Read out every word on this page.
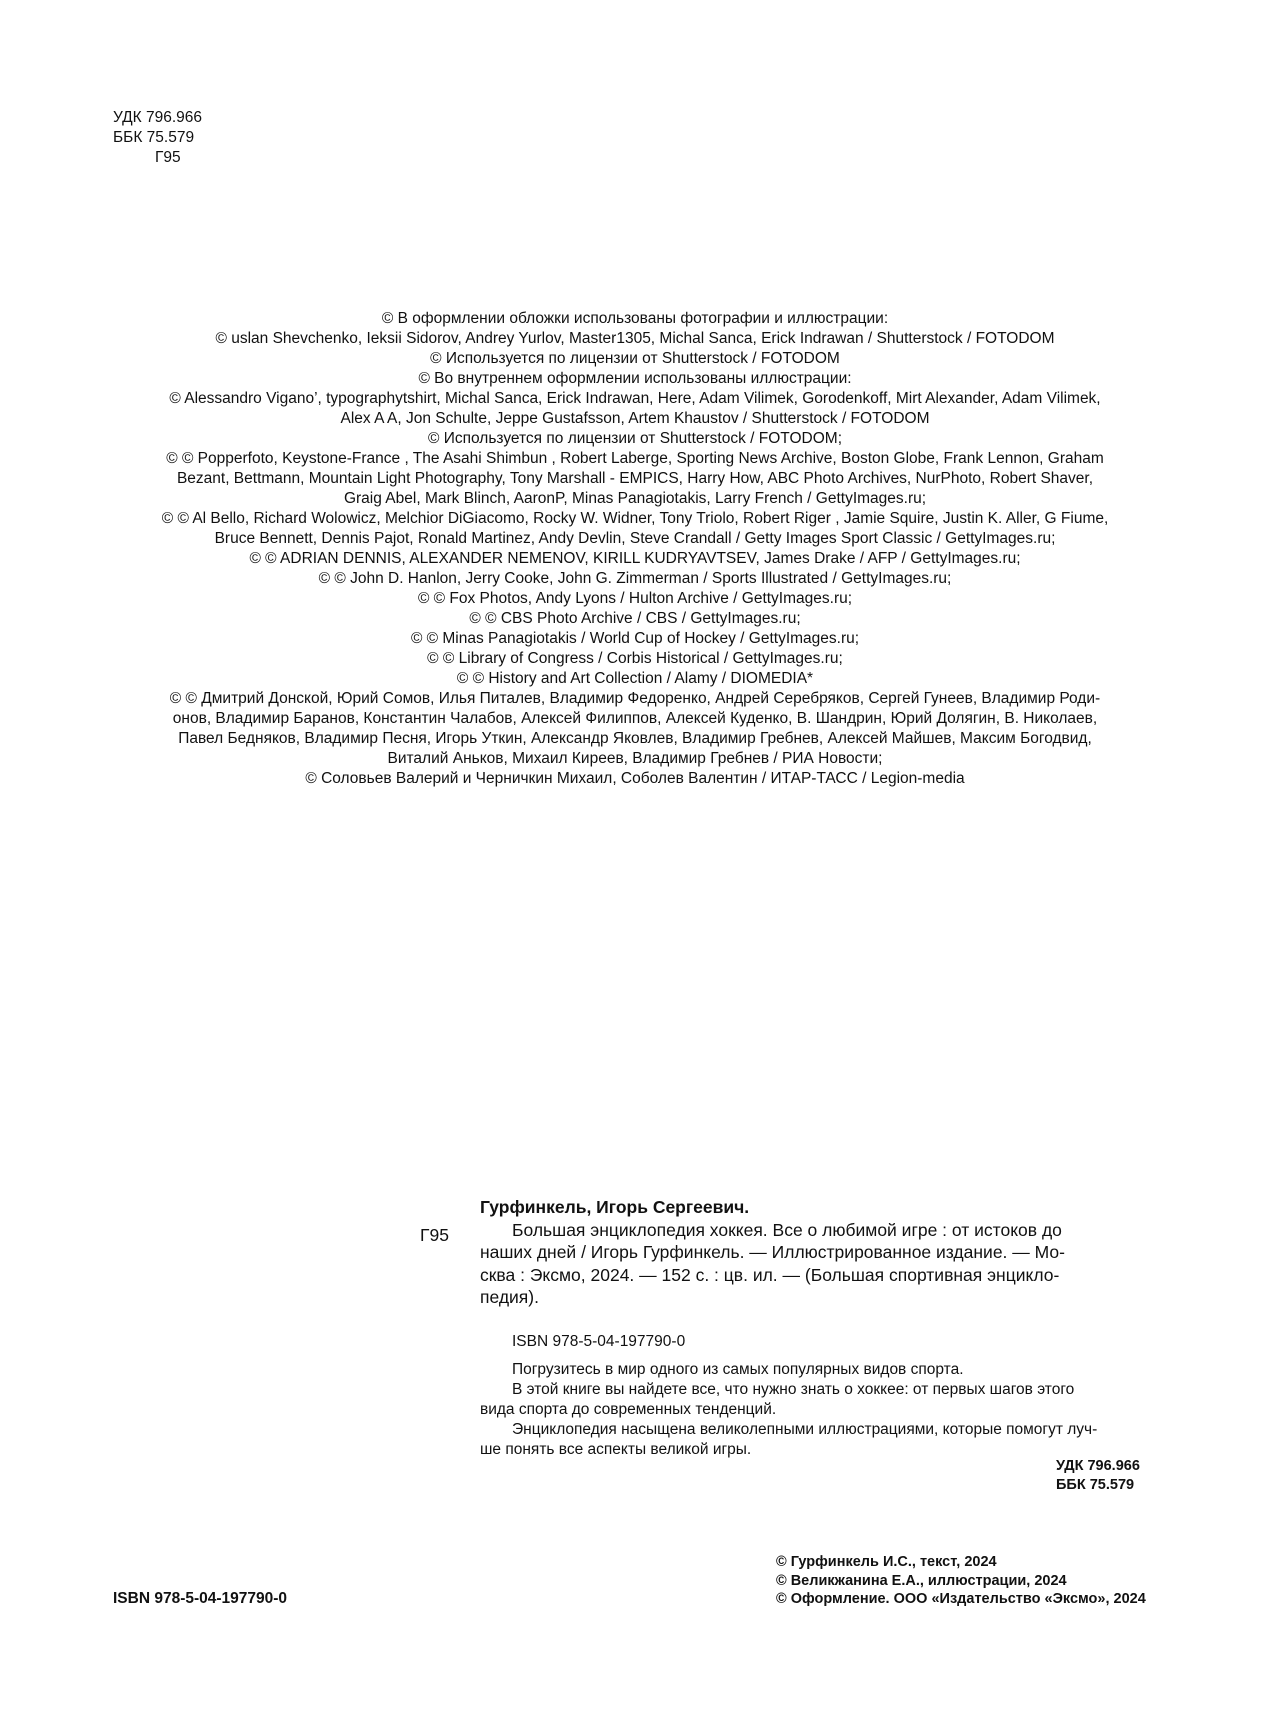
УДК 796.966
ББК 75.579
Г95
© В оформлении обложки использованы фотографии и иллюстрации:
© uslan Shevchenko, Ieksii Sidorov, Andrey Yurlov, Master1305, Michal Sanca, Erick Indrawan / Shutterstock / FOTODOM
© Используется по лицензии от Shutterstock / FOTODOM
© Во внутреннем оформлении использованы иллюстрации:
© Alessandro Vigano’, typographytshirt, Michal Sanca, Erick Indrawan, Here, Adam Vilimek, Gorodenkoff, Mirt Alexander, Adam Vilimek,
Alex A A, Jon Schulte, Jeppe Gustafsson, Artem Khaustov / Shutterstock / FOTODOM
© Используется по лицензии от Shutterstock / FOTODOM;
© © Popperfoto, Keystone-France , The Asahi Shimbun , Robert Laberge, Sporting News Archive, Boston Globe, Frank Lennon, Graham
Bezant, Bettmann, Mountain Light Photography, Tony Marshall - EMPICS, Harry How, ABC Photo Archives, NurPhoto, Robert Shaver,
Graig Abel, Mark Blinch, AaronP, Minas Panagiotakis, Larry French / GettyImages.ru;
© © Al Bello, Richard Wolowicz, Melchior DiGiacomo, Rocky W. Widner, Tony Triolo, Robert Riger , Jamie Squire, Justin K. Aller, G Fiume,
Bruce Bennett, Dennis Pajot, Ronald Martinez, Andy Devlin, Steve Crandall / Getty Images Sport Classic / GettyImages.ru;
© © ADRIAN DENNIS, ALEXANDER NEMENOV, KIRILL KUDRYAVTSEV, James Drake / AFP / GettyImages.ru;
© © John D. Hanlon, Jerry Cooke, John G. Zimmerman / Sports Illustrated / GettyImages.ru;
© © Fox Photos, Andy Lyons / Hulton Archive / GettyImages.ru;
© © CBS Photo Archive / CBS / GettyImages.ru;
© © Minas Panagiotakis / World Cup of Hockey / GettyImages.ru;
© © Library of Congress / Corbis Historical / GettyImages.ru;
© © History and Art Collection / Alamy / DIOMEDIA*
© © Дмитрий Донской, Юрий Сомов, Илья Питалев, Владимир Федоренко, Андрей Серебряков, Сергей Гунеев, Владимир Роди-
онов, Владимир Баранов, Константин Чалабов, Алексей Филиппов, Алексей Куденко, В. Шандрин, Юрий Долягин, В. Николаев,
Павел Бедняков, Владимир Песня, Игорь Уткин, Александр Яковлев, Владимир Гребнев, Алексей Майшев, Максим Богодвид,
Виталий Аньков, Михаил Киреев, Владимир Гребнев / РИА Новости;
© Соловьев Валерий и Черничкин Михаил, Соболев Валентин / ИТАР-ТАСС / Legion-media
Г95
Гурфинкель, Игорь Сергеевич.
Большая энциклопедия хоккея. Все о любимой игре : от истоков до
наших дней / Игорь Гурфинкель. — Иллюстрированное издание. — Мо-
сква : Эксмо, 2024. — 152 с. : цв. ил. — (Большая спортивная энцикло-
педия).
ISBN 978-5-04-197790-0
Погрузитесь в мир одного из самых популярных видов спорта.
В этой книге вы найдете все, что нужно знать о хоккее: от первых шагов этого
вида спорта до современных тенденций.
Энциклопедия насыщена великолепными иллюстрациями, которые помогут луч-
ше понять все аспекты великой игры.
УДК 796.966
ББК 75.579
© Гурфинкель И.С., текст, 2024
© Великжанина Е.А., иллюстрации, 2024
© Оформление. ООО «Издательство «Эксмо», 2024
ISBN 978-5-04-197790-0
